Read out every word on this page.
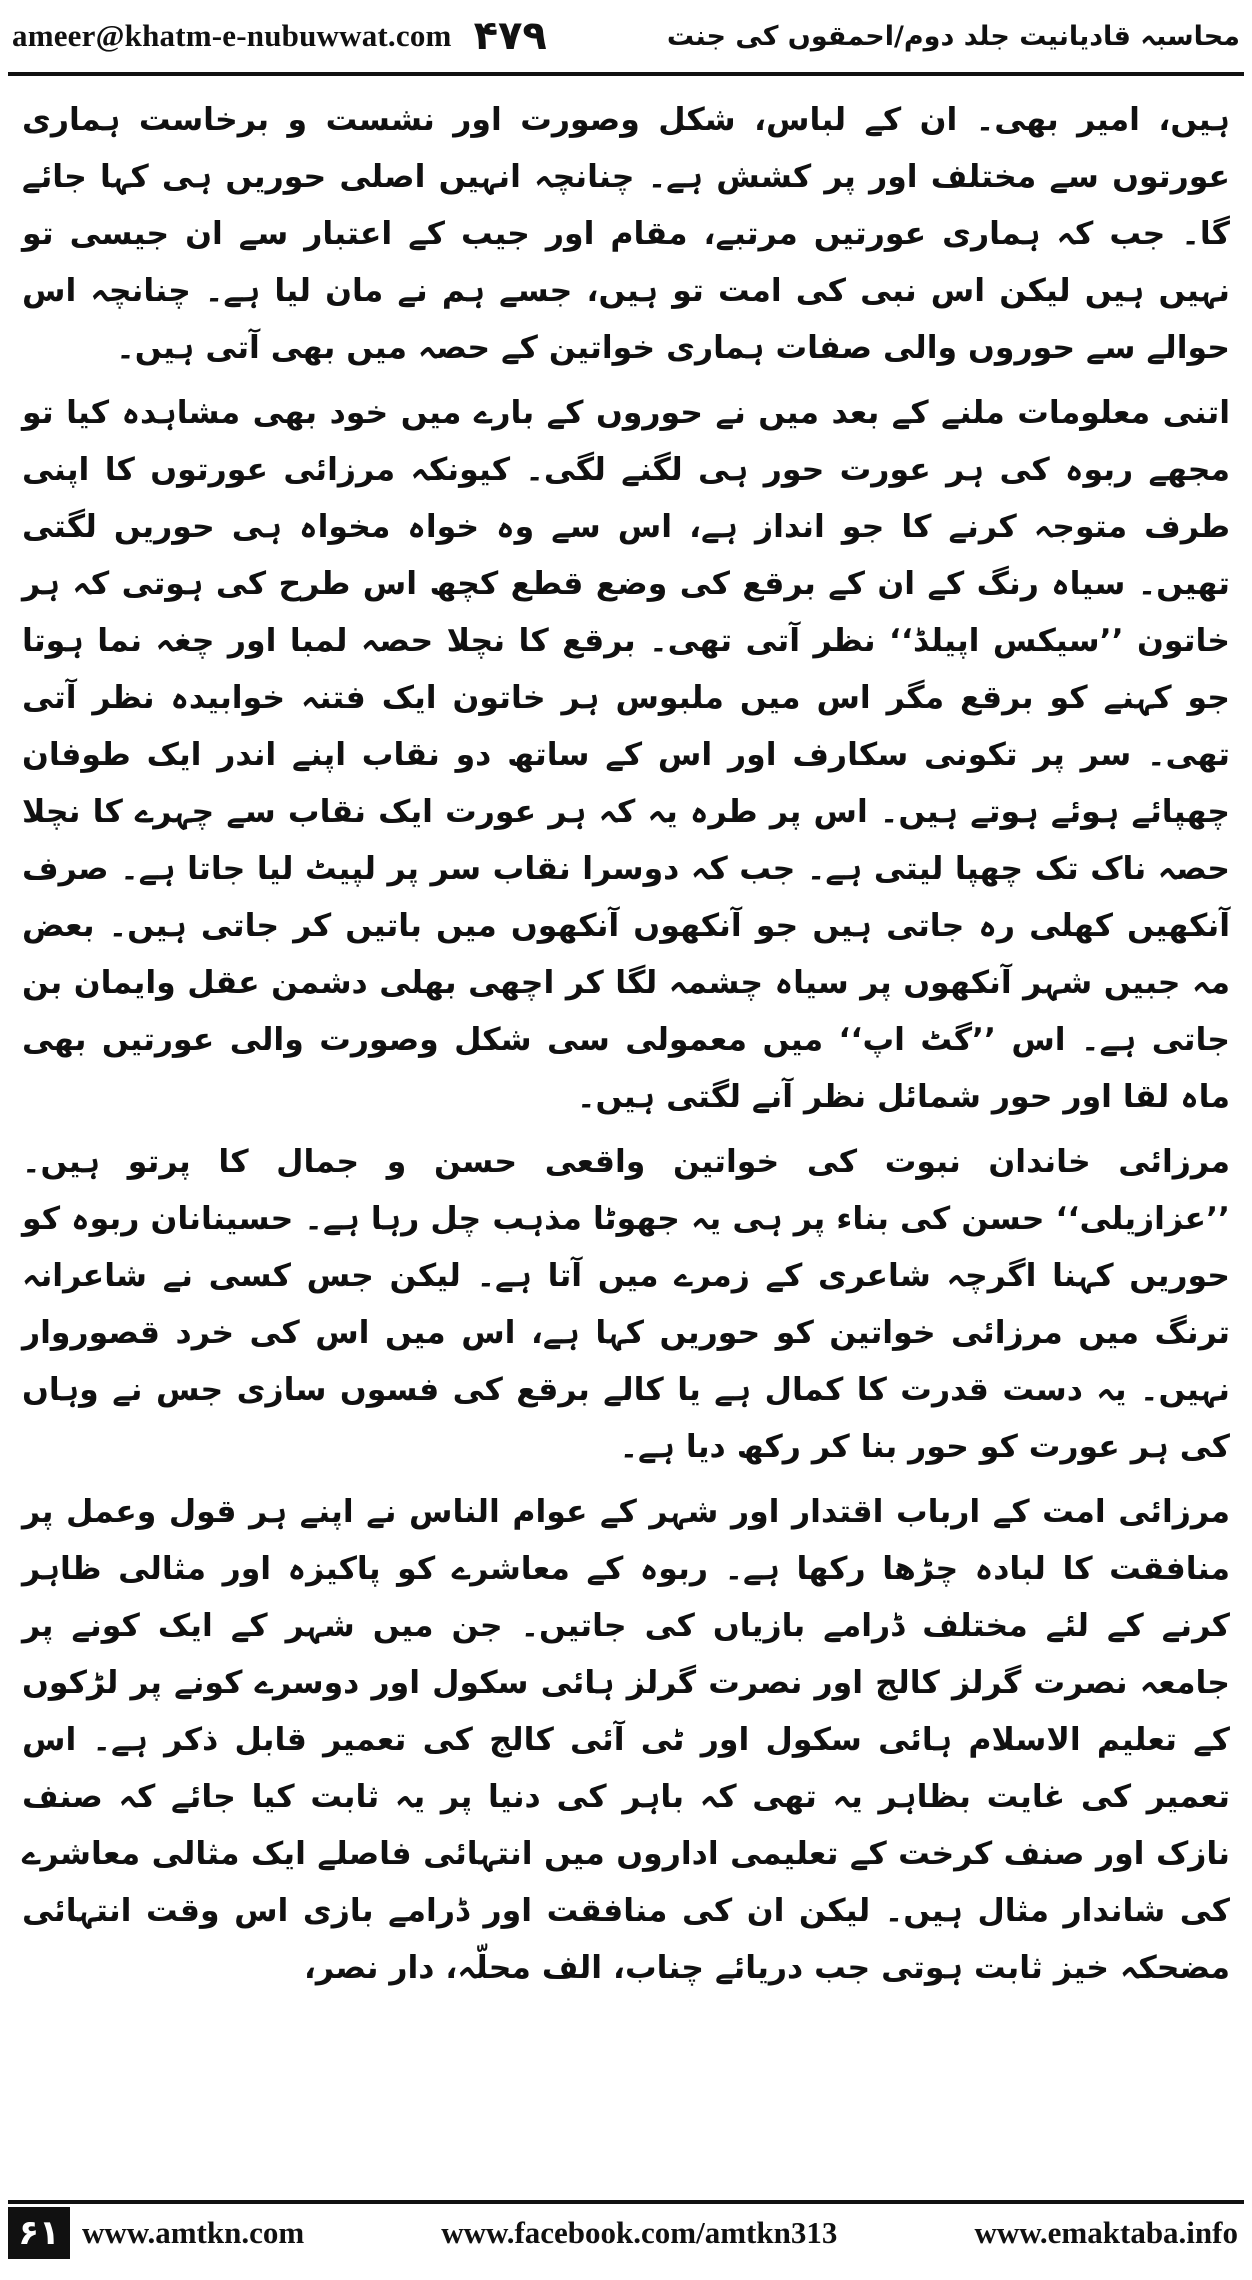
ameer@khatm-e-nubuwwat.com ۴۷۹	محاسبہ قادیانیت جلد دوم/احمقوں کی جنت

ہیں، امیر بھی۔ ان کے لباس، شکل وصورت اور نشست و برخاست ہماری عورتوں سے مختلف اور پر کشش ہے۔ چنانچہ انہیں اصلی حوریں ہی کہا جائے گا۔ جب کہ ہماری عورتیں مرتبے، مقام اور جیب کے اعتبار سے ان جیسی تو نہیں ہیں لیکن اس نبی کی امت تو ہیں، جسے ہم نے مان لیا ہے۔ چنانچہ اس حوالے سے حوروں والی صفات ہماری خواتین کے حصہ میں بھی آتی ہیں۔

اتنی معلومات ملنے کے بعد میں نے حوروں کے بارے میں خود بھی مشاہدہ کیا تو مجھے ربوہ کی ہر عورت حور ہی لگنے لگی۔ کیونکہ مرزائی عورتوں کا اپنی طرف متوجہ کرنے کا جو انداز ہے، اس سے وہ خواہ مخواہ ہی حوریں لگتی تھیں۔ سیاہ رنگ کے ان کے برقع کی وضع قطع کچھ اس طرح کی ہوتی کہ ہر خاتون ’’سیکس اپیلڈ‘‘ نظر آتی تھی۔ برقع کا نچلا حصہ لمبا اور چغہ نما ہوتا جو کہنے کو برقع مگر اس میں ملبوس ہر خاتون ایک فتنہ خوابیدہ نظر آتی تھی۔ سر پر تکونی سکارف اور اس کے ساتھ دو نقاب اپنے اندر ایک طوفان چھپائے ہوئے ہوتے ہیں۔ اس پر طرہ یہ کہ ہر عورت ایک نقاب سے چہرے کا نچلا حصہ ناک تک چھپا لیتی ہے۔ جب کہ دوسرا نقاب سر پر لپیٹ لیا جاتا ہے۔ صرف آنکھیں کھلی رہ جاتی ہیں جو آنکھوں آنکھوں میں باتیں کر جاتی ہیں۔ بعض مہ جبیں شہر آنکھوں پر سیاہ چشمہ لگا کر اچھی بھلی دشمن عقل وایمان بن جاتی ہے۔ اس ’’گٹ اپ‘‘ میں معمولی سی شکل وصورت والی عورتیں بھی ماہ لقا اور حور شمائل نظر آنے لگتی ہیں۔

مرزائی خاندان نبوت کی خواتین واقعی حسن و جمال کا پرتو ہیں۔ ’’عزازیلی‘‘ حسن کی بناء پر ہی یہ جھوٹا مذہب چل رہا ہے۔ حسینانان ربوہ کو حوریں کہنا اگرچہ شاعری کے زمرے میں آتا ہے۔ لیکن جس کسی نے شاعرانہ ترنگ میں مرزائی خواتین کو حوریں کہا ہے، اس میں اس کی خرد قصوروار نہیں۔ یہ دست قدرت کا کمال ہے یا کالے برقع کی فسوں سازی جس نے وہاں کی ہر عورت کو حور بنا کر رکھ دیا ہے۔

مرزائی امت کے ارباب اقتدار اور شہر کے عوام الناس نے اپنے ہر قول وعمل پر منافقت کا لبادہ چڑھا رکھا ہے۔ ربوہ کے معاشرے کو پاکیزہ اور مثالی ظاہر کرنے کے لئے مختلف ڈرامے بازیاں کی جاتیں۔ جن میں شہر کے ایک کونے پر جامعہ نصرت گرلز کالج اور نصرت گرلز ہائی سکول اور دوسرے کونے پر لڑکوں کے تعلیم الاسلام ہائی سکول اور ٹی آئی کالج کی تعمیر قابل ذکر ہے۔ اس تعمیر کی غایت بظاہر یہ تھی کہ باہر کی دنیا پر یہ ثابت کیا جائے کہ صنف نازک اور صنف کرخت کے تعلیمی اداروں میں انتہائی فاصلے ایک مثالی معاشرے کی شاندار مثال ہیں۔ لیکن ان کی منافقت اور ڈرامے بازی اس وقت انتہائی مضحکہ خیز ثابت ہوتی جب دریائے چناب، الف محلّہ، دار نصر،

۶۱ www.amtkn.com	www.facebook.com/amtkn313	www.emaktaba.info
